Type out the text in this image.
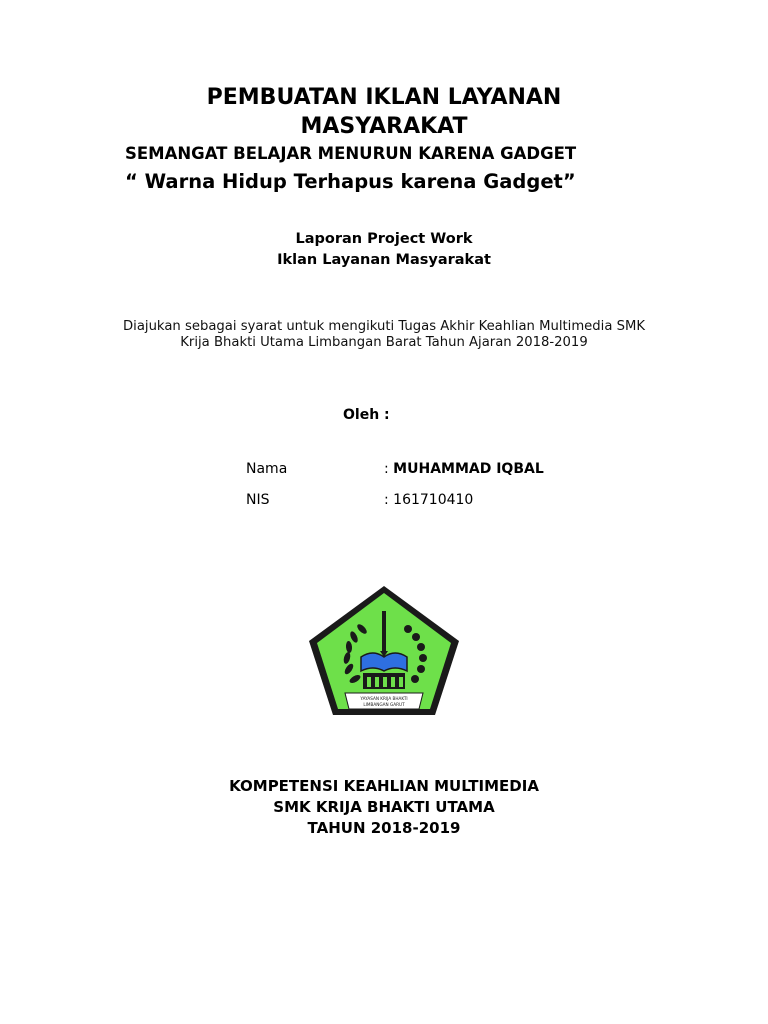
PEMBUATAN IKLAN LAYANAN
MASYARAKAT
SEMANGAT BELAJAR MENURUN KARENA GADGET
“ Warna Hidup Terhapus karena Gadget”
Laporan Project Work
Iklan Layanan Masyarakat
Diajukan sebagai syarat untuk mengikuti Tugas Akhir Keahlian Multimedia SMK
Krija Bhakti Utama Limbangan Barat Tahun Ajaran 2018-2019
Oleh :
Nama	: MUHAMMAD IQBAL
NIS	: 161710410
YAYASAN KRIJA BHAKTI
LIMBANGAN GARUT
KOMPETENSI KEAHLIAN MULTIMEDIA
SMK KRIJA BHAKTI UTAMA
TAHUN 2018-2019
